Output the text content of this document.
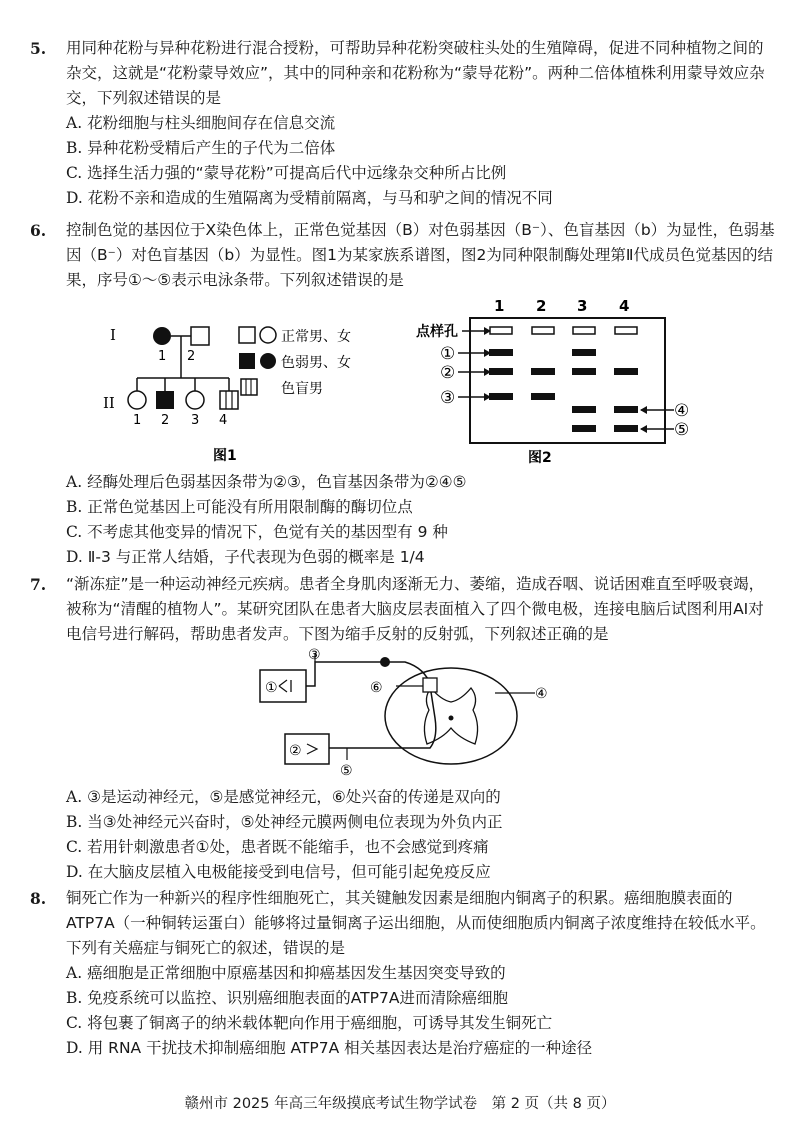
5. 用同种花粉与异种花粉进行混合授粉，可帮助异种花粉突破柱头处的生殖障碍，促进不同种植物之间的杂交，这就是“花粉蒙导效应”，其中的同种亲和花粉称为“蒙导花粉”。两种二倍体植株利用蒙导效应杂交，下列叙述错误的是
A. 花粉细胞与柱头细胞间存在信息交流
B. 异种花粉受精后产生的子代为二倍体
C. 选择生活力强的“蒙导花粉”可提高后代中远缘杂交种所占比例
D. 花粉不亲和造成的生殖隔离为受精前隔离，与马和驴之间的情况不同
6. 控制色觉的基因位于X染色体上，正常色觉基因（B）对色弱基因（B⁻）、色盲基因（b）为显性，色弱基因（B⁻）对色盲基因（b）为显性。图1为某家族系谱图，图2为同种限制酶处理第Ⅱ代成员色觉基因的结果，序号①～⑤表示电泳条带。下列叙述错误的是
I
II
1 2
1 2 3 4
正常男、女
色弱男、女
色盲男
图1
1 2 3 4
点样孔
①
②
③
④
⑤
图2
A. 经酶处理后色弱基因条带为②③，色盲基因条带为②④⑤
B. 正常色觉基因上可能没有所用限制酶的酶切位点
C. 不考虑其他变异的情况下，色觉有关的基因型有 9 种
D. Ⅱ-3 与正常人结婚，子代表现为色弱的概率是 1/4
7. “渐冻症”是一种运动神经元疾病。患者全身肌肉逐渐无力、萎缩，造成吞咽、说话困难直至呼吸衰竭，被称为“清醒的植物人”。某研究团队在患者大脑皮层表面植入了四个微电极，连接电脑后试图利用AI对电信号进行解码，帮助患者发声。下图为缩手反射的反射弧，下列叙述正确的是
①
②
③
⑥
⑤
④
A. ③是运动神经元，⑤是感觉神经元，⑥处兴奋的传递是双向的
B. 当③处神经元兴奋时，⑤处神经元膜两侧电位表现为外负内正
C. 若用针刺激患者①处，患者既不能缩手，也不会感觉到疼痛
D. 在大脑皮层植入电极能接受到电信号，但可能引起免疫反应
8. 铜死亡作为一种新兴的程序性细胞死亡，其关键触发因素是细胞内铜离子的积累。癌细胞膜表面的 ATP7A（一种铜转运蛋白）能够将过量铜离子运出细胞，从而使细胞质内铜离子浓度维持在较低水平。下列有关癌症与铜死亡的叙述，错误的是
A. 癌细胞是正常细胞中原癌基因和抑癌基因发生基因突变导致的
B. 免疫系统可以监控、识别癌细胞表面的ATP7A进而清除癌细胞
C. 将包裹了铜离子的纳米载体靶向作用于癌细胞，可诱导其发生铜死亡
D. 用 RNA 干扰技术抑制癌细胞 ATP7A 相关基因表达是治疗癌症的一种途径
赣州市 2025 年高三年级摸底考试生物学试卷　第 2 页（共 8 页）
